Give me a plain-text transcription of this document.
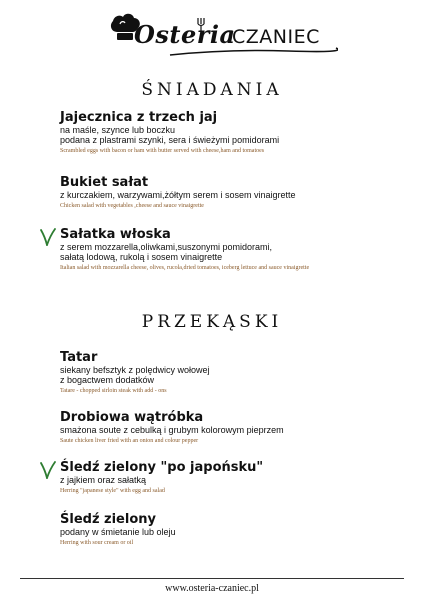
Osteria
CZANIEC
ŚNIADANIA
Jajecznica z trzech jaj
na maśle, szynce lub boczku
podana z plastrami szynki, sera i świeżymi pomidorami
Scrambled eggs with bacon or ham with butter served with cheese,ham and tomatoes
Bukiet sałat
z kurczakiem, warzywami,żółtym serem i sosem vinaigrette
Chicken salad with vegetables ,cheese and sauce vinaigrette
Sałatka włoska
z serem mozzarella,oliwkami,suszonymi pomidorami,
sałatą lodową, rukolą i sosem vinaigrette
Italian salad with mozzarella cheese, olives, rucola,dried tomatoes, iceberg lettuce and sauce vinaigrette
PRZEKĄSKI
Tatar
siekany befsztyk z polędwicy wołowej
z bogactwem dodatków
Tatare - chopped sirloin steak with add - ons
Drobiowa wątróbka
smażona soute z cebulką i grubym kolorowym pieprzem
Saute chicken liver fried with an onion and colour pepper
Śledź zielony "po japońsku"
z jajkiem oraz sałatką
Herring "japanese style" with egg and salad
Śledź zielony
podany w śmietanie lub oleju
Herring with sour cream or oil
www.osteria-czaniec.pl
